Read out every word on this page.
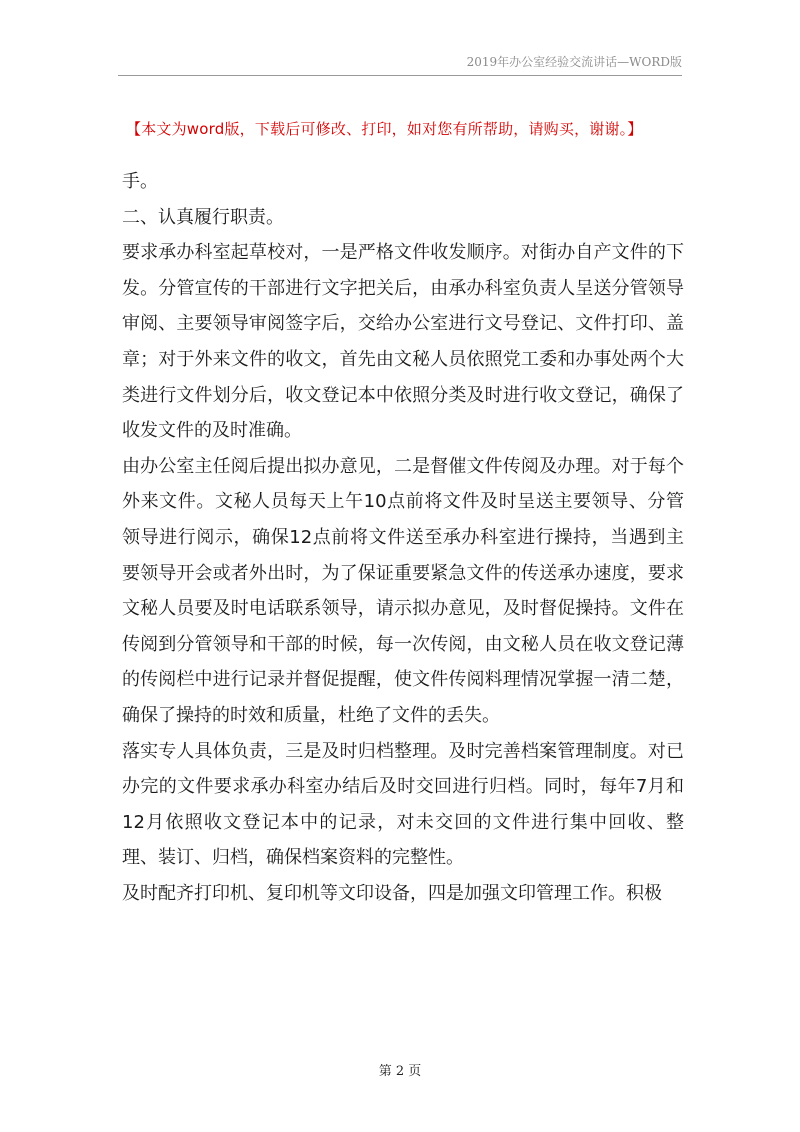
2019年办公室经验交流讲话—WORD版
【本文为word版，下载后可修改、打印，如对您有所帮助，请购买，谢谢。】

手。

二、认真履行职责。

要求承办科室起草校对，一是严格文件收发顺序。对街办自产文件的下发。分管宣传的干部进行文字把关后，由承办科室负责人呈送分管领导审阅、主要领导审阅签字后，交给办公室进行文号登记、文件打印、盖章；对于外来文件的收文，首先由文秘人员依照党工委和办事处两个大类进行文件划分后，收文登记本中依照分类及时进行收文登记，确保了收发文件的及时准确。

由办公室主任阅后提出拟办意见，二是督催文件传阅及办理。对于每个外来文件。文秘人员每天上午10点前将文件及时呈送主要领导、分管领导进行阅示，确保12点前将文件送至承办科室进行操持，当遇到主要领导开会或者外出时，为了保证重要紧急文件的传送承办速度，要求文秘人员要及时电话联系领导，请示拟办意见，及时督促操持。文件在传阅到分管领导和干部的时候，每一次传阅，由文秘人员在收文登记薄的传阅栏中进行记录并督促提醒，使文件传阅料理情况掌握一清二楚，确保了操持的时效和质量，杜绝了文件的丢失。

落实专人具体负责，三是及时归档整理。及时完善档案管理制度。对已办完的文件要求承办科室办结后及时交回进行归档。同时，每年7月和12月依照收文登记本中的记录，对未交回的文件进行集中回收、整理、装订、归档，确保档案资料的完整性。

及时配齐打印机、复印机等文印设备，四是加强文印管理工作。积极

第 2 页
